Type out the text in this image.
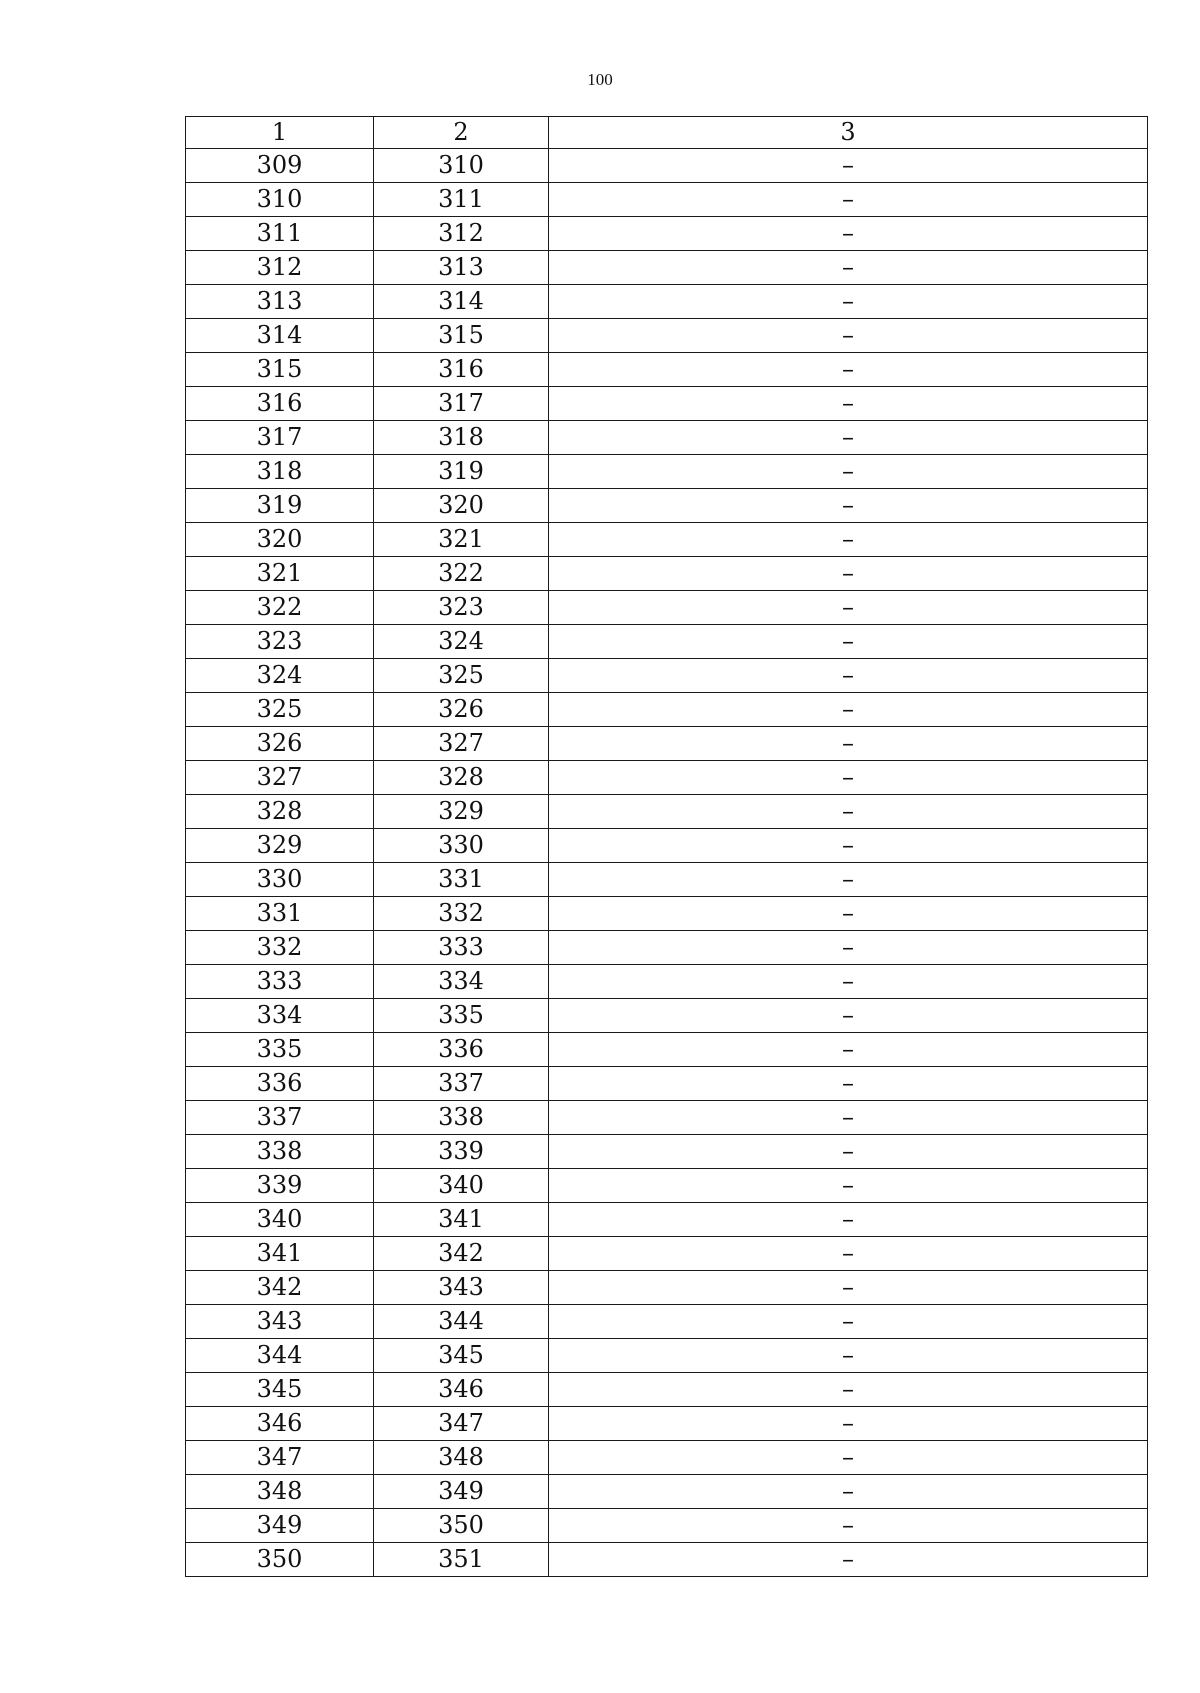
100
1	2	3
309	310	–
310	311	–
311	312	–
312	313	–
313	314	–
314	315	–
315	316	–
316	317	–
317	318	–
318	319	–
319	320	–
320	321	–
321	322	–
322	323	–
323	324	–
324	325	–
325	326	–
326	327	–
327	328	–
328	329	–
329	330	–
330	331	–
331	332	–
332	333	–
333	334	–
334	335	–
335	336	–
336	337	–
337	338	–
338	339	–
339	340	–
340	341	–
341	342	–
342	343	–
343	344	–
344	345	–
345	346	–
346	347	–
347	348	–
348	349	–
349	350	–
350	351	–
